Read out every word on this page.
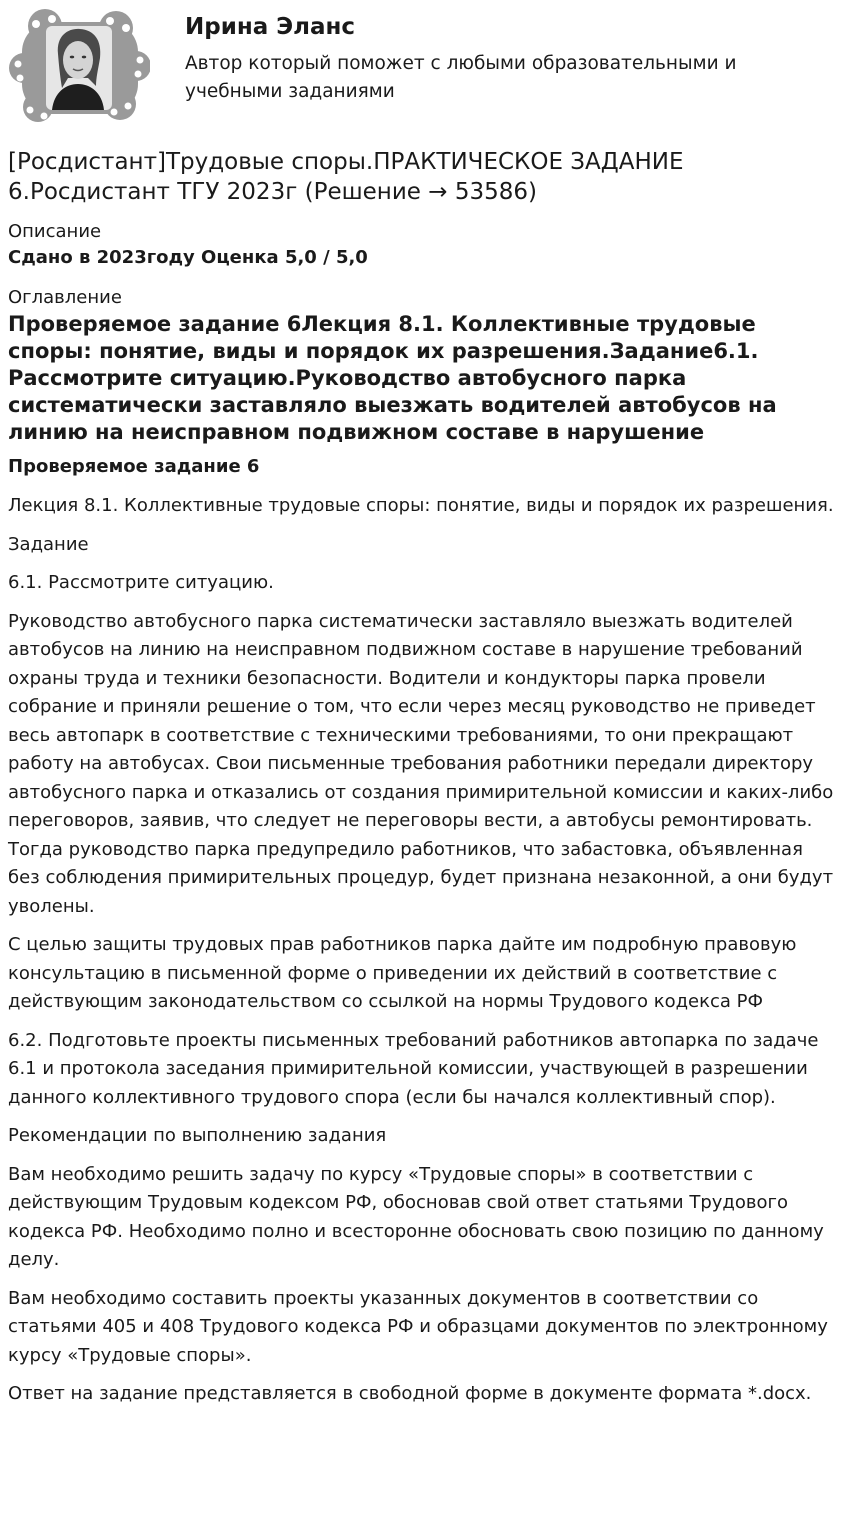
Ирина Эланс

Автор который поможет с любыми образовательными и учебными заданиями

[Росдистант]Трудовые споры.ПРАКТИЧЕСКОЕ ЗАДАНИЕ 6.Росдистант ТГУ 2023г (Решение → 53586)

Описание

Сдано в 2023году Оценка 5,0 / 5,0

Оглавление

Проверяемое задание 6Лекция 8.1. Коллективные трудовые споры: понятие, виды и порядок их разрешения.Задание6.1. Рассмотрите ситуацию.Руководство автобусного парка систематически заставляло выезжать водителей автобусов на линию на неисправном подвижном составе в нарушение

Проверяемое задание 6

Лекция 8.1. Коллективные трудовые споры: понятие, виды и порядок их разрешения.

Задание

6.1. Рассмотрите ситуацию.

Руководство автобусного парка систематически заставляло выезжать водителей автобусов на линию на неисправном подвижном составе в нарушение требований охраны труда и техники безопасности. Водители и кондукторы парка провели собрание и приняли решение о том, что если через месяц руководство не приведет весь автопарк в соответствие с техническими требованиями, то они прекращают работу на автобусах. Свои письменные требования работники передали директору автобусного парка и отказались от создания примирительной комиссии и каких-либо переговоров, заявив, что следует не переговоры вести, а автобусы ремонтировать. Тогда руководство парка предупредило работников, что забастовка, объявленная без соблюдения примирительных процедур, будет признана незаконной, а они будут уволены.

С целью защиты трудовых прав работников парка дайте им подробную правовую консультацию в письменной форме о приведении их действий в соответствие с действующим законодательством со ссылкой на нормы Трудового кодекса РФ

6.2. Подготовьте проекты письменных требований работников автопарка по задаче 6.1 и протокола заседания примирительной комиссии, участвующей в разрешении данного коллективного трудового спора (если бы начался коллективный спор).

Рекомендации по выполнению задания

Вам необходимо решить задачу по курсу «Трудовые споры» в соответствии с действующим Трудовым кодексом РФ, обосновав свой ответ статьями Трудового кодекса РФ. Необходимо полно и всесторонне обосновать свою позицию по данному делу.

Вам необходимо составить проекты указанных документов в соответствии со статьями 405 и 408 Трудового кодекса РФ и образцами документов по электронному курсу «Трудовые споры».

Ответ на задание представляется в свободной форме в документе формата *.docx.
